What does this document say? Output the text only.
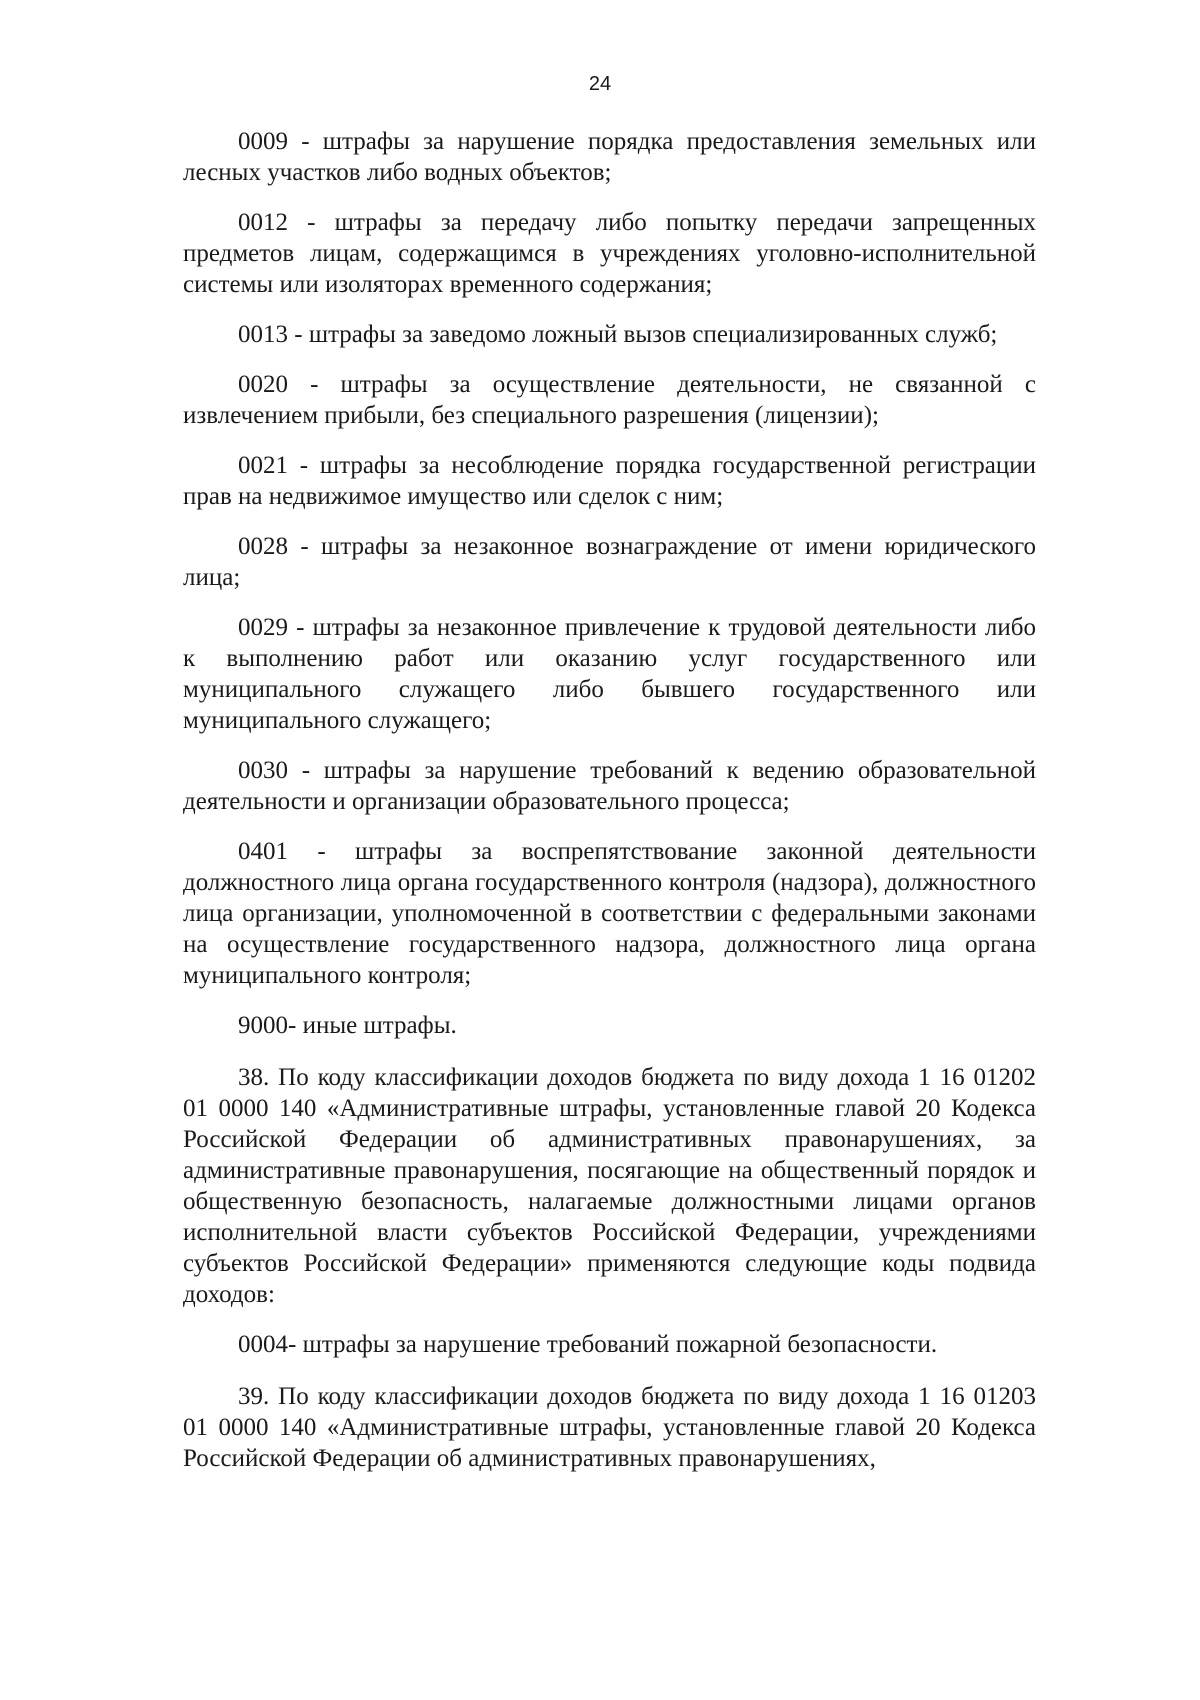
24

0009 - штрафы за нарушение порядка предоставления земельных или лесных участков либо водных объектов;

0012 - штрафы за передачу либо попытку передачи запрещенных предметов лицам, содержащимся в учреждениях уголовно-исполнительной системы или изоляторах временного содержания;

0013 - штрафы за заведомо ложный вызов специализированных служб;

0020 - штрафы за осуществление деятельности, не связанной с извлечением прибыли, без специального разрешения (лицензии);

0021 - штрафы за несоблюдение порядка государственной регистрации прав на недвижимое имущество или сделок с ним;

0028 - штрафы за незаконное вознаграждение от имени юридического лица;

0029 - штрафы за незаконное привлечение к трудовой деятельности либо к выполнению работ или оказанию услуг государственного или муниципального служащего либо бывшего государственного или муниципального служащего;

0030 - штрафы за нарушение требований к ведению образовательной деятельности и организации образовательного процесса;

0401 - штрафы за воспрепятствование законной деятельности должностного лица органа государственного контроля (надзора), должностного лица организации, уполномоченной в соответствии с федеральными законами на осуществление государственного надзора, должностного лица органа муниципального контроля;

9000- иные штрафы.

38. По коду классификации доходов бюджета по виду дохода 1 16 01202 01 0000 140 «Административные штрафы, установленные главой 20 Кодекса Российской Федерации об административных правонарушениях, за административные правонарушения, посягающие на общественный порядок и общественную безопасность, налагаемые должностными лицами органов исполнительной власти субъектов Российской Федерации, учреждениями субъектов Российской Федерации» применяются следующие коды подвида доходов:

0004- штрафы за нарушение требований пожарной безопасности.

39. По коду классификации доходов бюджета по виду дохода 1 16 01203 01 0000 140 «Административные штрафы, установленные главой 20 Кодекса Российской Федерации об административных правонарушениях,
